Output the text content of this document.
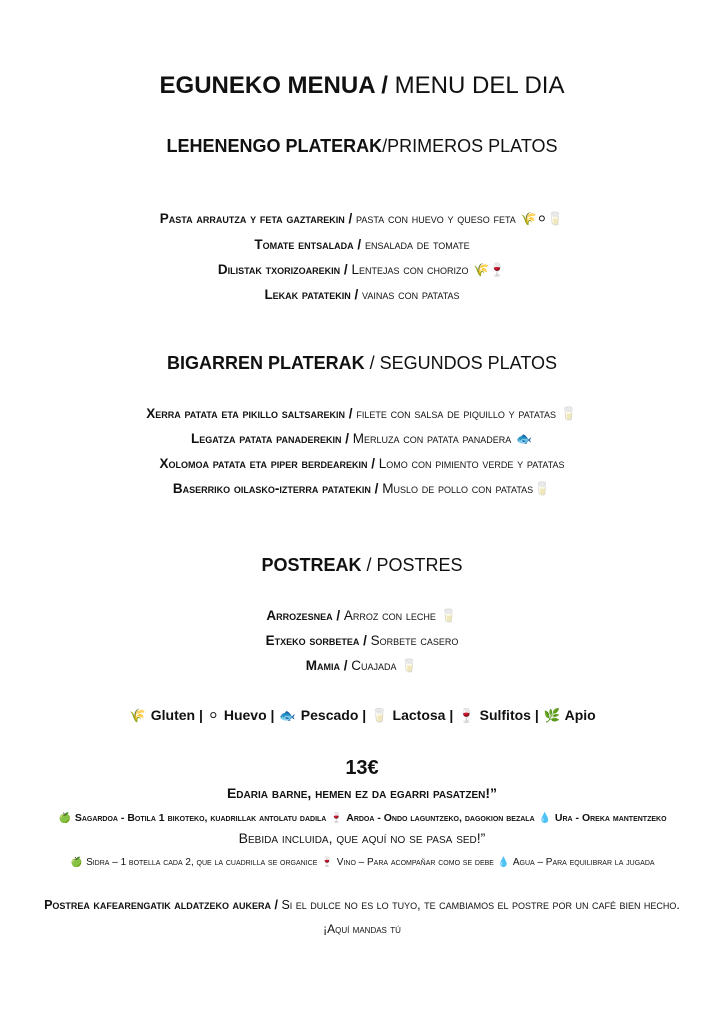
EGUNEKO MENUA / MENU DEL DIA
LEHENENGO PLATERAK/PRIMEROS PLATOS
Pasta arrautza y feta gaztarekin / pasta con huevo y queso feta 🌾⚪🥛
Tomate entsalada / ensalada de tomate
Dilistak txorizoarekin / Lentejas con chorizo 🌾🍷
Lekak patatekin / vainas con patatas
BIGARREN PLATERAK / SEGUNDOS PLATOS
Xerra patata eta pikillo saltsarekin / filete con salsa de piquillo y patatas 🥛
Legatza patata panaderekin / Merluza con patata panadera 🐟
Xolomoa patata eta piper berdearekin / Lomo con pimiento verde y patatas
Baserriko oilasko-izterra patatekin / Muslo de pollo con patatas🥛
POSTREAK / POSTRES
Arrozesnea / Arroz con leche 🥛
Etxeko sorbetea / Sorbete casero
Mamia / Cuajada 🥛
🌾 Gluten | ⚪ Huevo | 🐟 Pescado | 🥛 Lactosa | 🍷 Sulfitos | 🌿 Apio
13€
Edaria barne, hemen ez da egarri pasatzen!”
🍏 Sagardoa - Botila 1 bikoteko, kuadrillak antolatu dadila 🍷 Ardoa - Ondo laguntzeko, dagokion bezala 💧 Ura - Oreka mantentzeko
Bebida incluida, que aquí no se pasa sed!”
🍏 Sidra – 1 botella cada 2, que la cuadrilla se organice 🍷 Vino – Para acompañar como se debe 💧 Agua – Para equilibrar la jugada
Postrea kafearengatik aldatzeko aukera / Si el dulce no es lo tuyo, te cambiamos el postre por un café bien hecho.
¡Aquí mandas tú
